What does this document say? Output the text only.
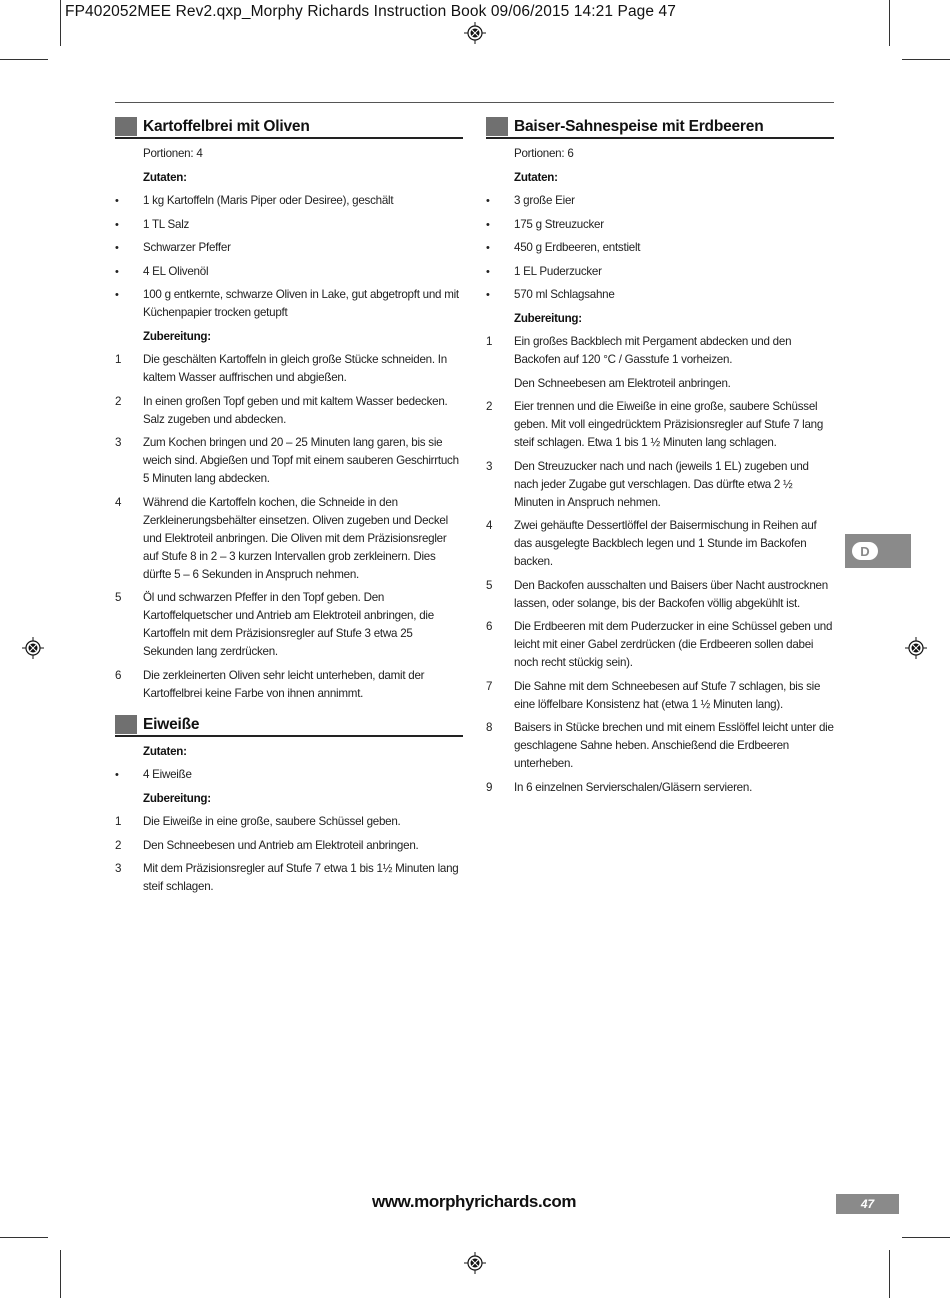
FP402052MEE Rev2.qxp_Morphy Richards Instruction Book 09/06/2015 14:21 Page 47
Kartoffelbrei mit Oliven
Portionen: 4
Zutaten:
•	1 kg Kartoffeln (Maris Piper oder Desiree), geschält
•	1 TL Salz
•	Schwarzer Pfeffer
•	4 EL Olivenöl
•	100 g entkernte, schwarze Oliven in Lake, gut abgetropft und mit Küchenpapier trocken getupft
Zubereitung:
1	Die geschälten Kartoffeln in gleich große Stücke schneiden. In kaltem Wasser auffrischen und abgießen.
2	In einen großen Topf geben und mit kaltem Wasser bedecken. Salz zugeben und abdecken.
3	Zum Kochen bringen und 20 – 25 Minuten lang garen, bis sie weich sind. Abgießen und Topf mit einem sauberen Geschirrtuch 5 Minuten lang abdecken.
4	Während die Kartoffeln kochen, die Schneide in den Zerkleinerungsbehälter einsetzen. Oliven zugeben und Deckel und Elektroteil anbringen. Die Oliven mit dem Präzisionsregler auf Stufe 8 in 2 – 3 kurzen Intervallen grob zerkleinern. Dies dürfte 5 – 6 Sekunden in Anspruch nehmen.
5	Öl und schwarzen Pfeffer in den Topf geben. Den Kartoffelquetscher und Antrieb am Elektroteil anbringen, die Kartoffeln mit dem Präzisionsregler auf Stufe 3 etwa 25 Sekunden lang zerdrücken.
6	Die zerkleinerten Oliven sehr leicht unterheben, damit der Kartoffelbrei keine Farbe von ihnen annimmt.
Eiweiße
Zutaten:
•	4 Eiweiße
Zubereitung:
1	Die Eiweiße in eine große, saubere Schüssel geben.
2	Den Schneebesen und Antrieb am Elektroteil anbringen.
3	Mit dem Präzisionsregler auf Stufe 7 etwa 1 bis 1½ Minuten lang steif schlagen.
Baiser-Sahnespeise mit Erdbeeren
Portionen: 6
Zutaten:
•	3 große Eier
•	175 g Streuzucker
•	450 g Erdbeeren, entstielt
•	1 EL Puderzucker
•	570 ml Schlagsahne
Zubereitung:
1	Ein großes Backblech mit Pergament abdecken und den Backofen auf 120 °C / Gasstufe 1 vorheizen.
Den Schneebesen am Elektroteil anbringen.
2	Eier trennen und die Eiweiße in eine große, saubere Schüssel geben. Mit voll eingedrücktem Präzisionsregler auf Stufe 7 lang steif schlagen. Etwa 1 bis 1 ½ Minuten lang schlagen.
3	Den Streuzucker nach und nach (jeweils 1 EL) zugeben und nach jeder Zugabe gut verschlagen. Das dürfte etwa 2 ½ Minuten in Anspruch nehmen.
4	Zwei gehäufte Dessertlöffel der Baisermischung in Reihen auf das ausgelegte Backblech legen und 1 Stunde im Backofen backen.
5	Den Backofen ausschalten und Baisers über Nacht austrocknen lassen, oder solange, bis der Backofen völlig abgekühlt ist.
6	Die Erdbeeren mit dem Puderzucker in eine Schüssel geben und leicht mit einer Gabel zerdrücken (die Erdbeeren sollen dabei noch recht stückig sein).
7	Die Sahne mit dem Schneebesen auf Stufe 7 schlagen, bis sie eine löffelbare Konsistenz hat (etwa 1 ½ Minuten lang).
8	Baisers in Stücke brechen und mit einem Esslöffel leicht unter die geschlagene Sahne heben. Anschießend die Erdbeeren unterheben.
9	In 6 einzelnen Servierschalen/Gläsern servieren.
D
www.morphyrichards.com	47
